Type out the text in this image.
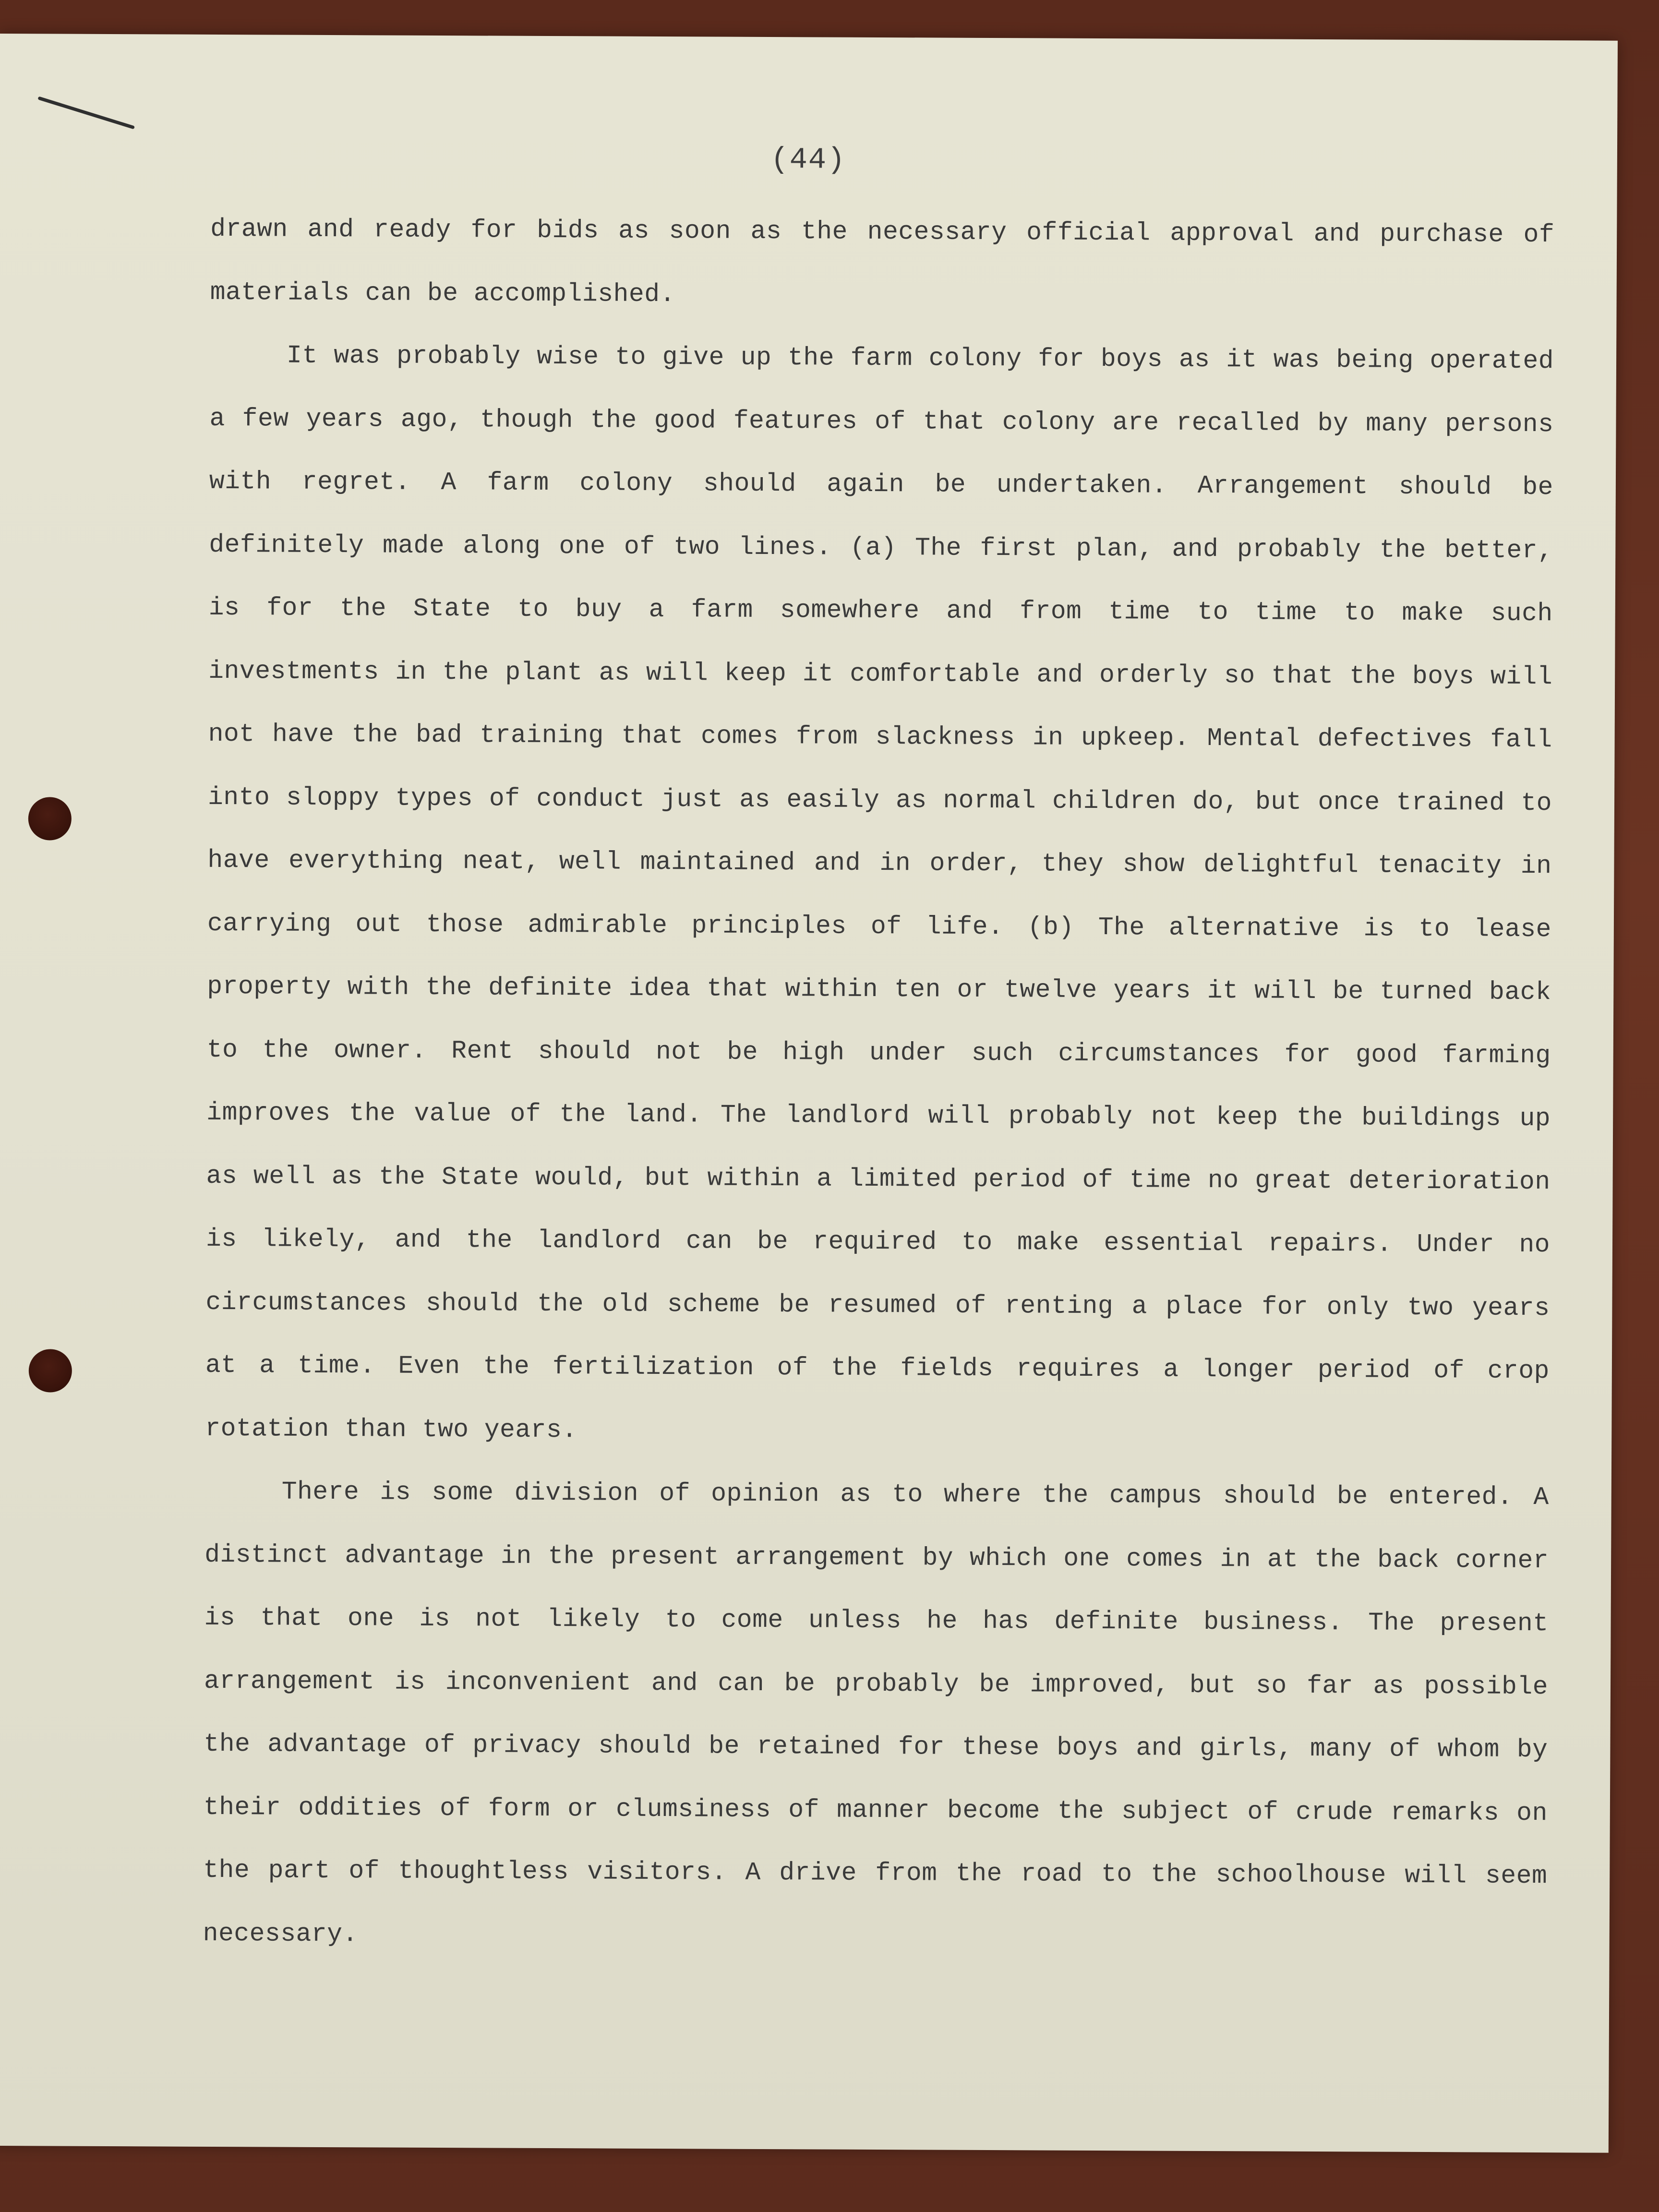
(44)

drawn and ready for bids as soon as the necessary official approval and purchase of materials can be accomplished.

It was probably wise to give up the farm colony for boys as it was being operated a few years ago, though the good features of that colony are recalled by many persons with regret. A farm colony should again be undertaken. Arrangement should be definitely made along one of two lines. (a) The first plan, and probably the better, is for the State to buy a farm somewhere and from time to time to make such investments in the plant as will keep it comfortable and orderly so that the boys will not have the bad training that comes from slackness in upkeep. Mental defectives fall into sloppy types of conduct just as easily as normal children do, but once trained to have everything neat, well maintained and in order, they show delightful tenacity in carrying out those admirable principles of life. (b) The alternative is to lease property with the definite idea that within ten or twelve years it will be turned back to the owner. Rent should not be high under such circumstances for good farming improves the value of the land. The landlord will probably not keep the buildings up as well as the State would, but within a limited period of time no great deterioration is likely, and the landlord can be required to make essential repairs. Under no circumstances should the old scheme be resumed of renting a place for only two years at a time. Even the fertilization of the fields requires a longer period of crop rotation than two years.

There is some division of opinion as to where the campus should be entered. A distinct advantage in the present arrangement by which one comes in at the back corner is that one is not likely to come unless he has definite business. The present arrangement is inconvenient and can be probably be improved, but so far as possible the advantage of privacy should be retained for these boys and girls, many of whom by their oddities of form or clumsiness of manner become the subject of crude remarks on the part of thoughtless visitors. A drive from the road to the schoolhouse will seem necessary.
